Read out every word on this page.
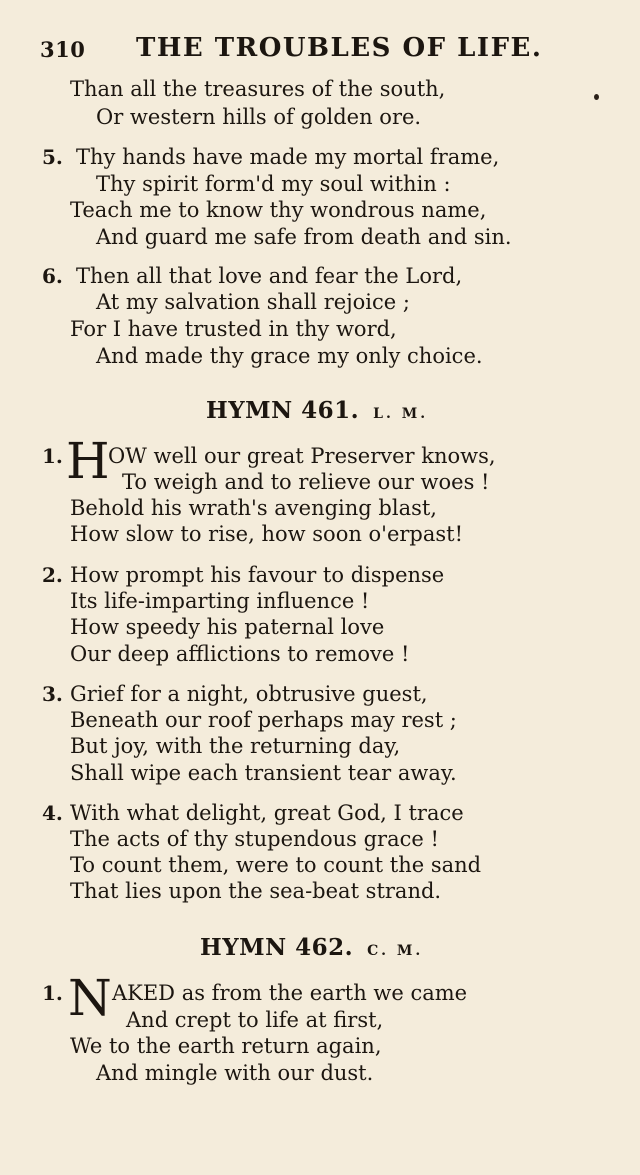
310 THE TROUBLES OF LIFE.
Than all the treasures of the south,
Or western hills of golden ore.
5. Thy hands have made my mortal frame,
Thy spirit form'd my soul within :
Teach me to know thy wondrous name,
And guard me safe from death and sin.
6. Then all that love and fear the Lord,
At my salvation shall rejoice ;
For I have trusted in thy word,
And made thy grace my only choice.
HYMN 461. L. M.
1. H
OW well our great Preserver knows,
To weigh and to relieve our woes !
Behold his wrath's avenging blast,
How slow to rise, how soon o'erpast!
2. How prompt his favour to dispense
Its life-imparting influence !
How speedy his paternal love
Our deep afflictions to remove !
3. Grief for a night, obtrusive guest,
Beneath our roof perhaps may rest ;
But joy, with the returning day,
Shall wipe each transient tear away.
4. With what delight, great God, I trace
The acts of thy stupendous grace !
To count them, were to count the sand
That lies upon the sea-beat strand.
HYMN 462. C. M.
1. N AKED as from the earth we came
And crept to life at first,
We to the earth return again,
And mingle with our dust.
